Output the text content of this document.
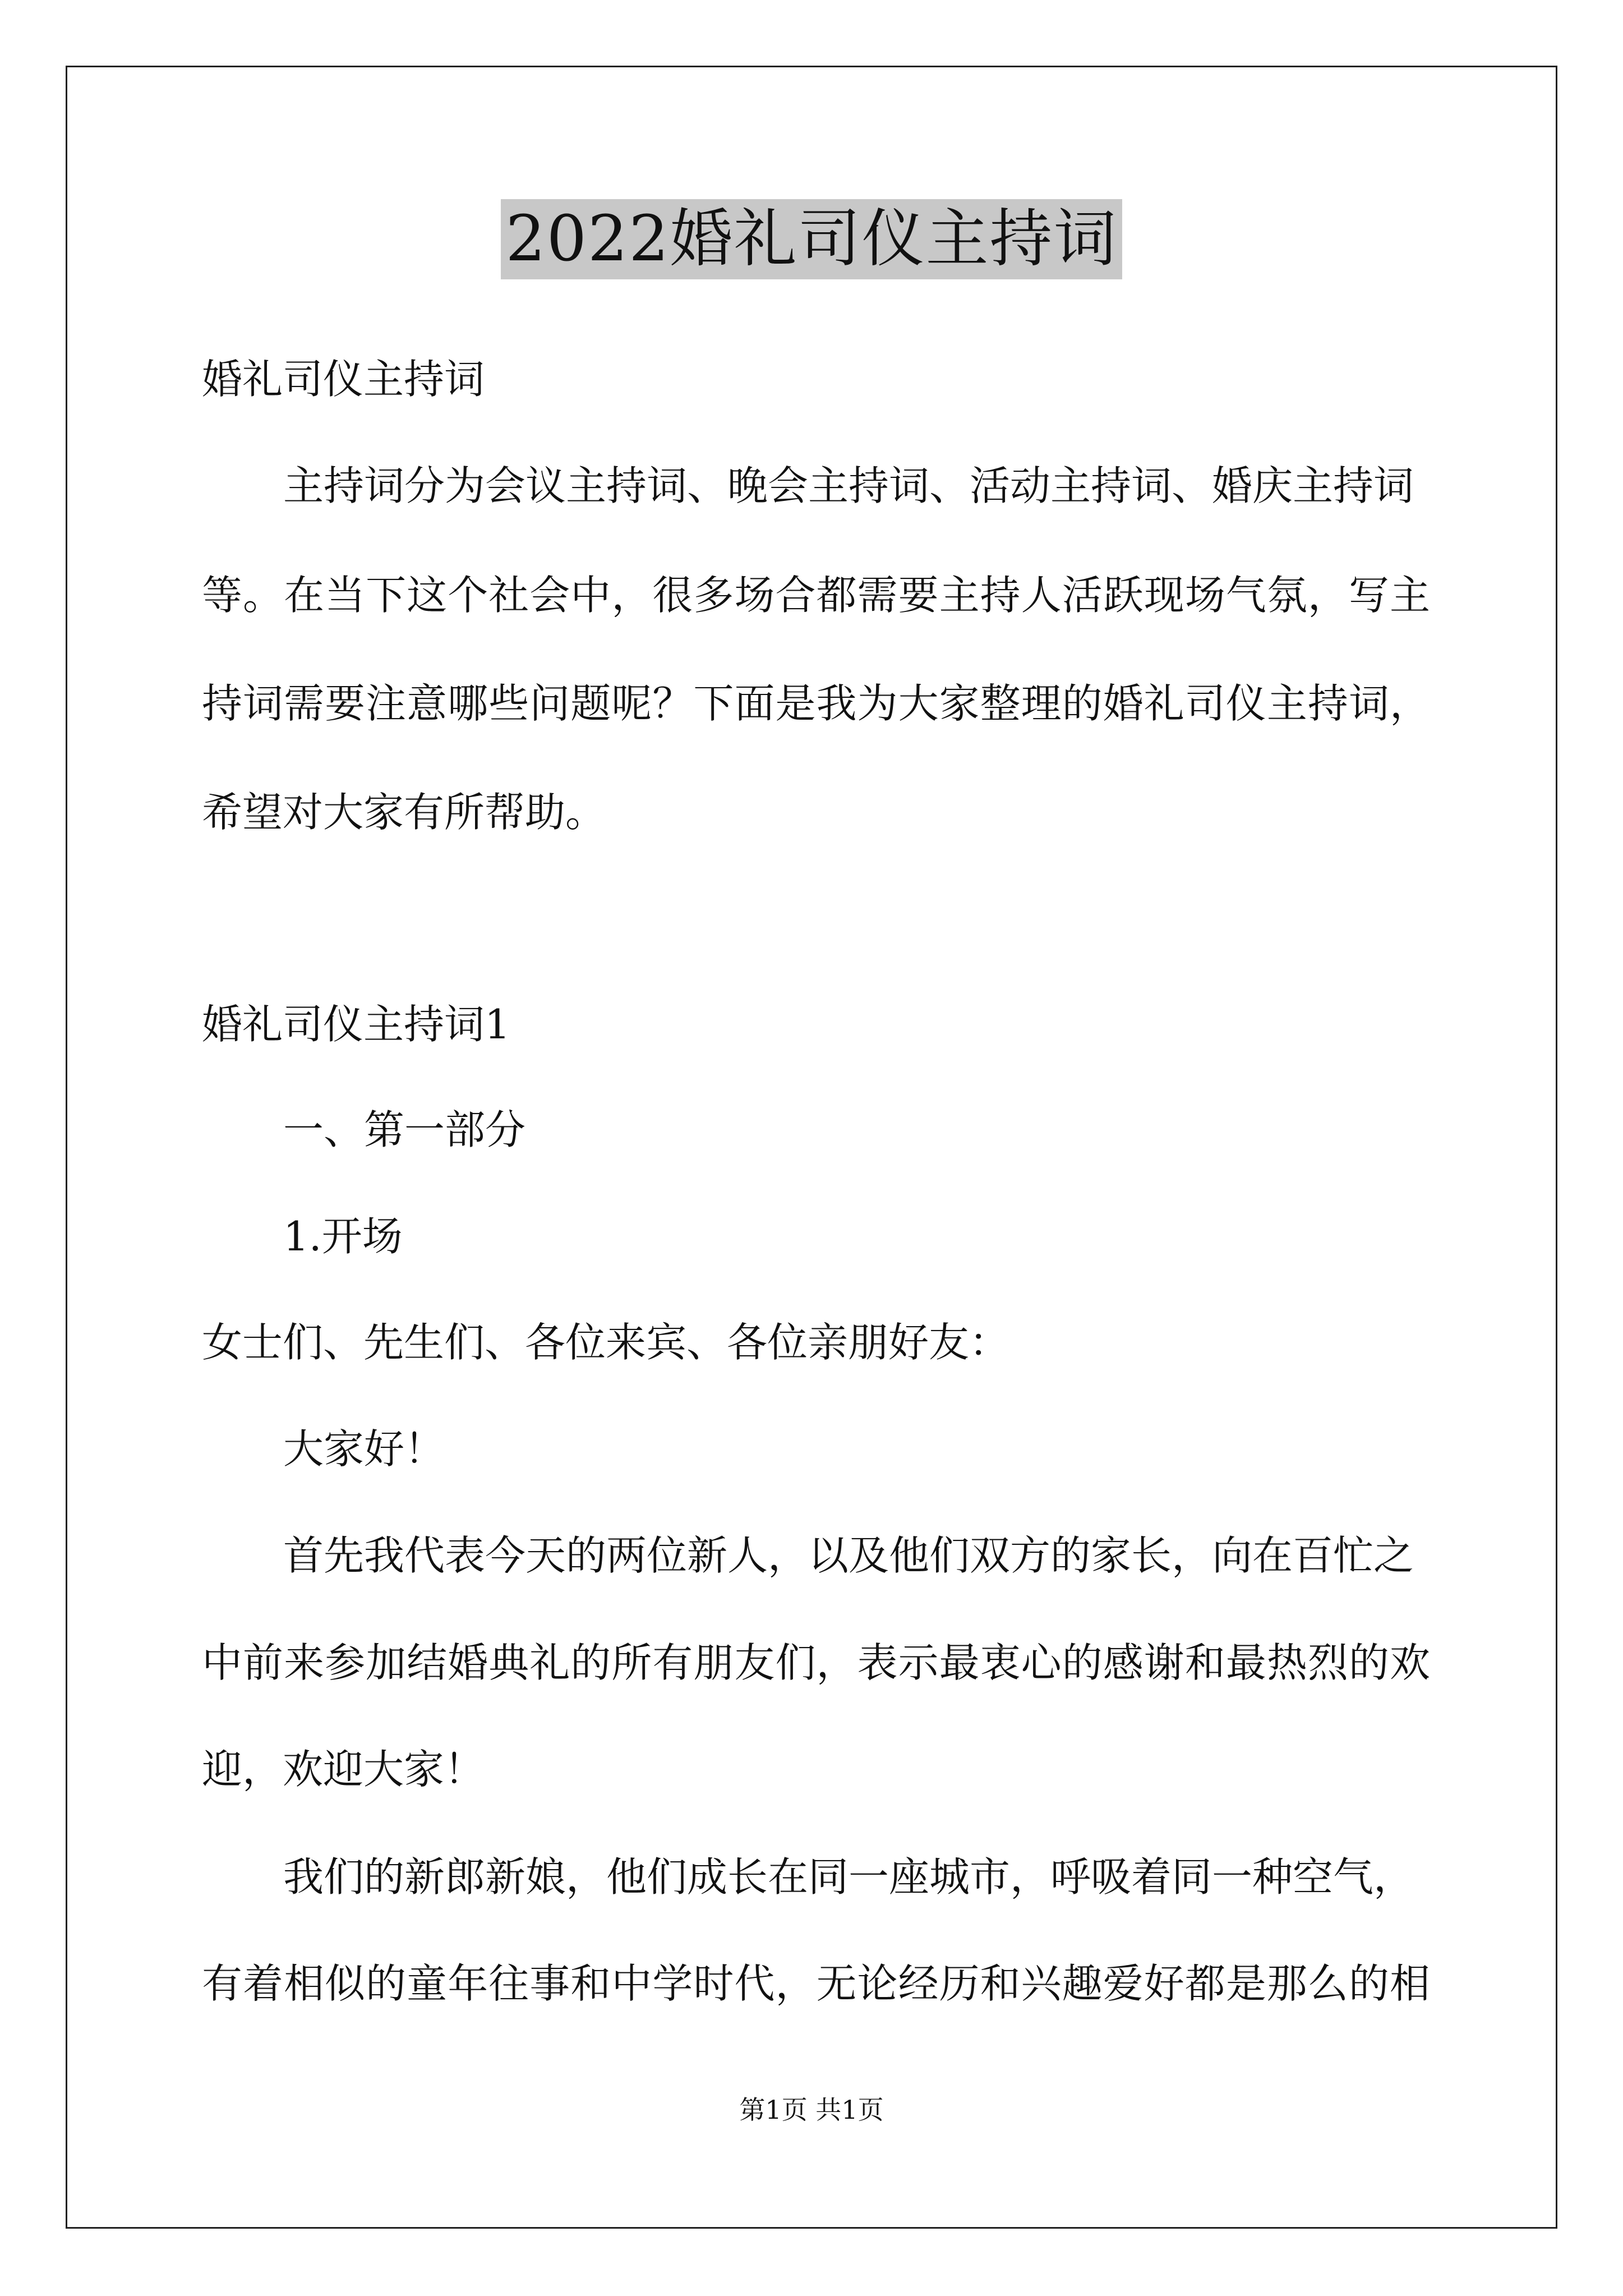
2022婚礼司仪主持词
婚礼司仪主持词
主持词分为会议主持词、晚会主持词、活动主持词、婚庆主持词
等。在当下这个社会中，很多场合都需要主持人活跃现场气氛，写主
持词需要注意哪些问题呢？下面是我为大家整理的婚礼司仪主持词，
希望对大家有所帮助。
婚礼司仪主持词1
一、第一部分
1.开场
女士们、先生们、各位来宾、各位亲朋好友：
大家好！
首先我代表今天的两位新人，以及他们双方的家长，向在百忙之
中前来参加结婚典礼的所有朋友们，表示最衷心的感谢和最热烈的欢
迎，欢迎大家！
我们的新郎新娘，他们成长在同一座城市，呼吸着同一种空气，
有着相似的童年往事和中学时代，无论经历和兴趣爱好都是那么的相
第1页 共1页
